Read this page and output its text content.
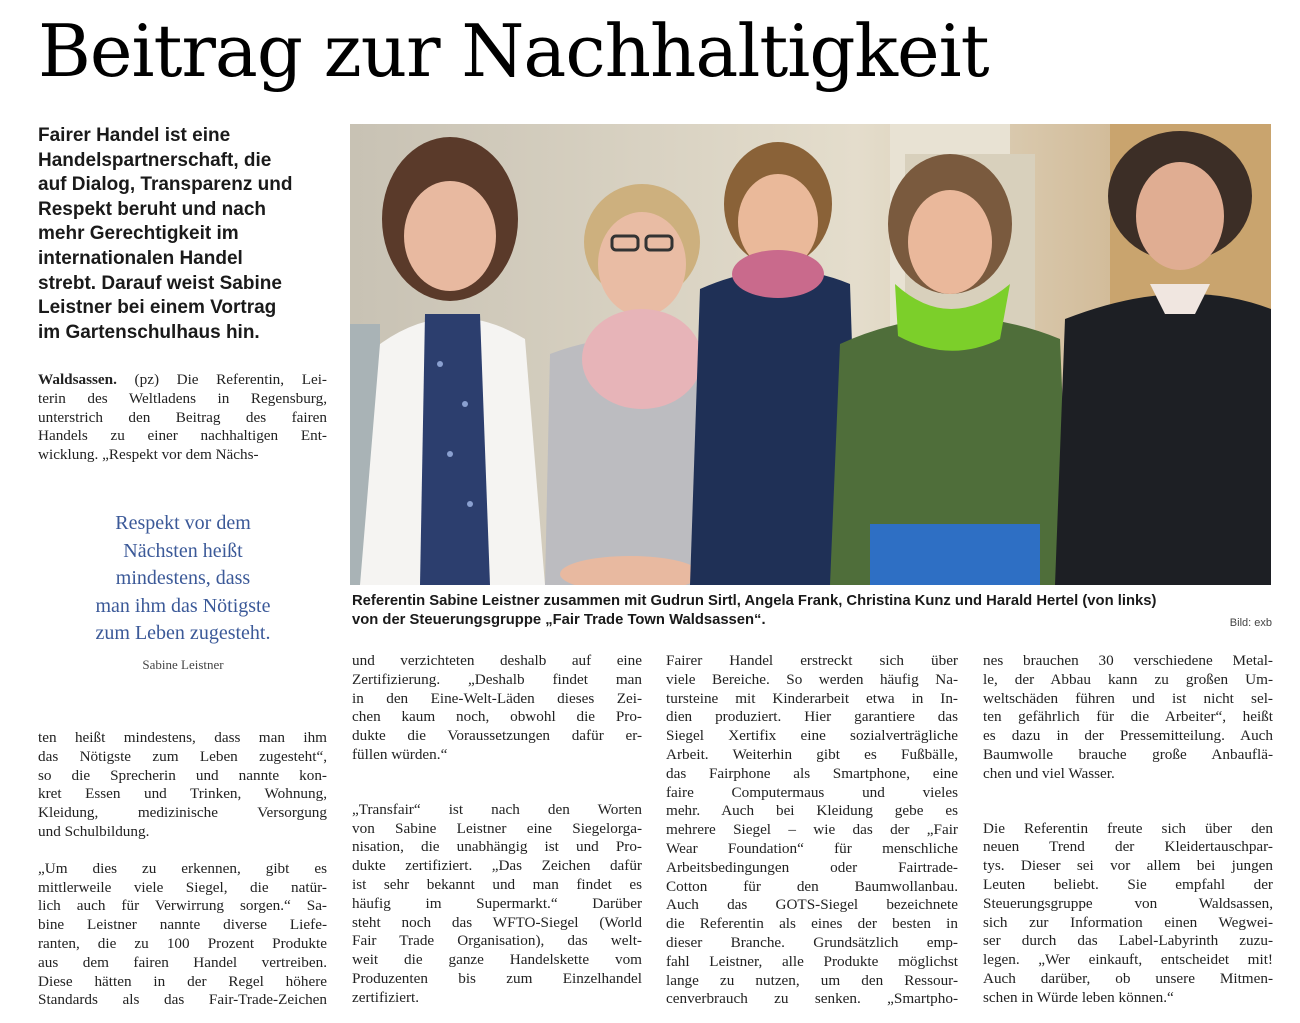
Beitrag zur Nachhaltigkeit
Fairer Handel ist eine
Handelspartnerschaft, die
auf Dialog, Transparenz und
Respekt beruht und nach
mehr Gerechtigkeit im
internationalen Handel
strebt. Darauf weist Sabine
Leistner bei einem Vortrag
im Gartenschulhaus hin.
Waldsassen. (pz) Die Referentin, Lei-
terin des Weltladens in Regensburg,
unterstrich den Beitrag des fairen
Handels zu einer nachhaltigen Ent-
wicklung. „Respekt vor dem Nächs-
Respekt vor dem
Nächsten heißt
mindestens, dass
man ihm das Nötigste
zum Leben zugesteht.
Sabine Leistner
ten heißt mindestens, dass man ihm
das Nötigste zum Leben zugesteht“,
so die Sprecherin und nannte kon-
kret Essen und Trinken, Wohnung,
Kleidung, medizinische Versorgung
und Schulbildung.
„Um dies zu erkennen, gibt es
mittlerweile viele Siegel, die natür-
lich auch für Verwirrung sorgen.“ Sa-
bine Leistner nannte diverse Liefe-
ranten, die zu 100 Prozent Produkte
aus dem fairen Handel vertreiben.
Diese hätten in der Regel höhere
Standards als das Fair-Trade-Zeichen
Referentin Sabine Leistner zusammen mit Gudrun Sirtl, Angela Frank, Christina Kunz und Harald Hertel (von links)
von der Steuerungsgruppe „Fair Trade Town Waldsassen“.	Bild: exb
und verzichteten deshalb auf eine
Zertifizierung. „Deshalb findet man
in den Eine-Welt-Läden dieses Zei-
chen kaum noch, obwohl die Pro-
dukte die Voraussetzungen dafür er-
füllen würden.“
„Transfair“ ist nach den Worten
von Sabine Leistner eine Siegelorga-
nisation, die unabhängig ist und Pro-
dukte zertifiziert. „Das Zeichen dafür
ist sehr bekannt und man findet es
häufig im Supermarkt.“ Darüber
steht noch das WFTO-Siegel (World
Fair Trade Organisation), das welt-
weit die ganze Handelskette vom
Produzenten bis zum Einzelhandel
zertifiziert.
Fairer Handel erstreckt sich über
viele Bereiche. So werden häufig Na-
tursteine mit Kinderarbeit etwa in In-
dien produziert. Hier garantiere das
Siegel Xertifix eine sozialverträgliche
Arbeit. Weiterhin gibt es Fußbälle,
das Fairphone als Smartphone, eine
faire Computermaus und vieles
mehr. Auch bei Kleidung gebe es
mehrere Siegel – wie das der „Fair
Wear Foundation“ für menschliche
Arbeitsbedingungen oder Fairtrade-
Cotton für den Baumwollanbau.
Auch das GOTS-Siegel bezeichnete
die Referentin als eines der besten in
dieser Branche. Grundsätzlich emp-
fahl Leistner, alle Produkte möglichst
lange zu nutzen, um den Ressour-
cenverbrauch zu senken. „Smartpho-
nes brauchen 30 verschiedene Metal-
le, der Abbau kann zu großen Um-
weltschäden führen und ist nicht sel-
ten gefährlich für die Arbeiter“, heißt
es dazu in der Pressemitteilung. Auch
Baumwolle brauche große Anbauflä-
chen und viel Wasser.
Die Referentin freute sich über den
neuen Trend der Kleidertauschpar-
tys. Dieser sei vor allem bei jungen
Leuten beliebt. Sie empfahl der
Steuerungsgruppe von Waldsassen,
sich zur Information einen Wegwei-
ser durch das Label-Labyrinth zuzu-
legen. „Wer einkauft, entscheidet mit!
Auch darüber, ob unsere Mitmen-
schen in Würde leben können.“
